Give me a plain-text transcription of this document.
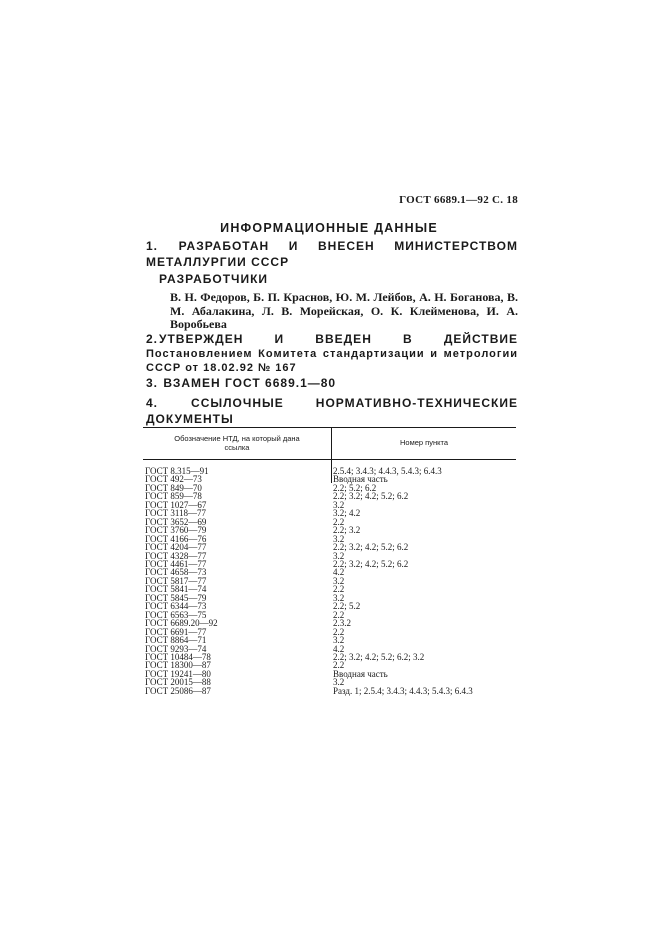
ГОСТ 6689.1—92 С. 18
ИНФОРМАЦИОННЫЕ ДАННЫЕ
1. РАЗРАБОТАН И ВНЕСЕН МИНИСТЕРСТВОМ МЕТАЛЛУРГИИ СССР
РАЗРАБОТЧИКИ
В. Н. Федоров, Б. П. Краснов, Ю. М. Лейбов, А. Н. Боганова, В. М. Абалакина, Л. В. Морейская, О. К. Клейменова, И. А. Воробьева
2.УТВЕРЖДЕН И ВВЕДЕН В ДЕЙСТВИЕ Постановлением Комитета стандартизации и метрологии СССР от 18.02.92 № 167
3. ВЗАМЕН ГОСТ 6689.1—80
4.	ССЫЛОЧНЫЕ НОРМАТИВНО-ТЕХНИЧЕСКИЕ ДОКУМЕНТЫ
Обозначение НТД, на который дана ссылка	Номер пункта
ГОСТ 8.315—91	2.5.4; 3.4.3; 4.4.3, 5.4.3; 6.4.3
ГОСТ 492—73	Вводная часть
ГОСТ 849—70	2.2; 5.2; 6.2
ГОСТ 859—78	2.2; 3.2; 4.2; 5.2; 6.2
ГОСТ 1027—67	3.2
ГОСТ 3118—77	3.2; 4.2
ГОСТ 3652—69	2.2
ГОСТ 3760—79	2.2; 3.2
ГОСТ 4166—76	3.2
ГОСТ 4204—77	2.2; 3.2; 4.2; 5.2; 6.2
ГОСТ 4328—77	3.2
ГОСТ 4461—77	2.2; 3.2; 4.2; 5.2; 6.2
ГОСТ 4658—73	4.2
ГОСТ 5817—77	3.2
ГОСТ 5841—74	2.2
ГОСТ 5845—79	3.2
ГОСТ 6344—73	2.2; 5.2
ГОСТ 6563—75	2.2
ГОСТ 6689.20—92	2.3.2
ГОСТ 6691—77	2.2
ГОСТ 8864—71	3.2
ГОСТ 9293—74	4.2
ГОСТ 10484—78	2.2; 3.2; 4.2; 5.2; 6.2; 3.2
ГОСТ 18300—87	2.2
ГОСТ 19241—80	Вводная часть
ГОСТ 20015—88	3.2
ГОСТ 25086—87	Разд. 1; 2.5.4; 3.4.3; 4.4.3; 5.4.3; 6.4.3
